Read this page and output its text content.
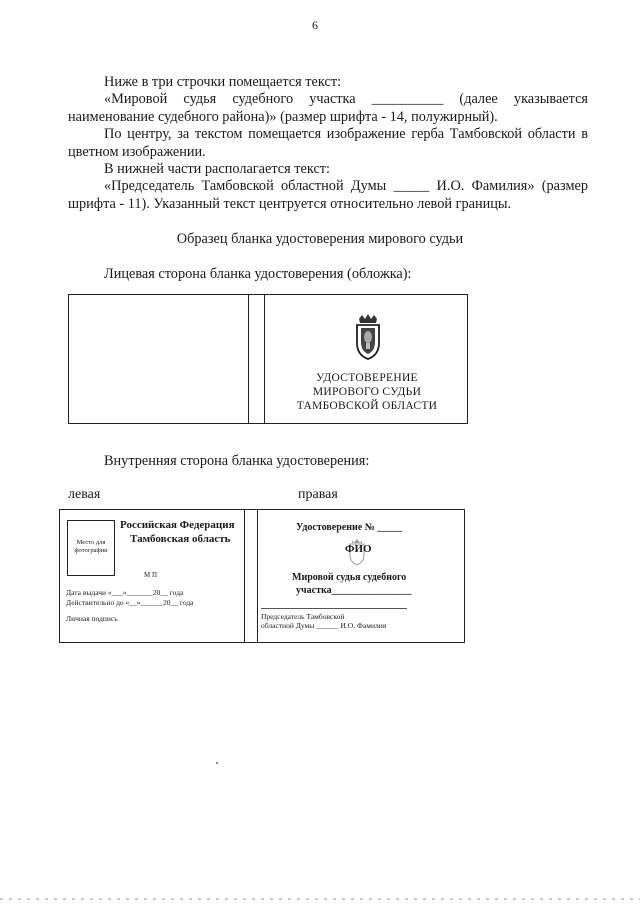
6
Ниже в три строчки помещается текст:
«Мировой судья судебного участка __________ (далее указывается наименование судебного района)» (размер шрифта - 14, полужирный).
По центру, за текстом помещается изображение герба Тамбовской области в цветном изображении.
В нижней части располагается текст:
«Председатель Тамбовской областной Думы _____ И.О. Фамилия» (размер шрифта - 11). Указанный текст центруется относительно левой границы.
Образец бланка удостоверения мирового судьи
Лицевая сторона бланка удостоверения (обложка):
УДОСТОВЕРЕНИЕ
МИРОВОГО СУДЬИ
ТАМБОВСКОЙ ОБЛАСТИ
Внутренняя сторона бланка удостоверения:
левая	правая
Место для фотографии
Российская Федерация
Тамбовская область
М П
Дата выдачи «___»_______20__ года
Действительно до «__»______20__ года
Личная подпись
Удостоверение № _____
ФИО
Мировой судья судебного
участка________________
Председатель Тамбовской
областной Думы ______ И.О. Фамилия
